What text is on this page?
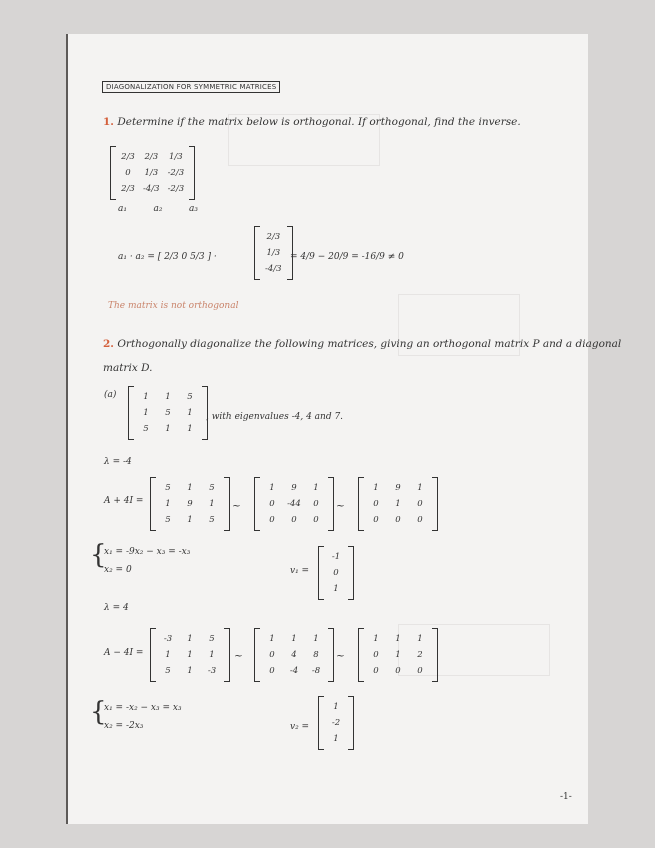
DIAGONALIZATION FOR SYMMETRIC MATRICES
1. Determine if the matrix below is orthogonal. If orthogonal, find the inverse.
2/3	2/3	1/3
0	1/3	-2/3
2/3	-4/3	-2/3
a₁	a₂	a₃
a₁ · a₂ = [ 2/3 0 5/3 ] ·
2/3
1/3
-4/3
= 4/9 − 20/9 = -16/9 ≠ 0
The matrix is not orthogonal
2. Orthogonally diagonalize the following matrices, giving an orthogonal matrix P and a diagonal
matrix D.
(a)	1	1	5
1	5	1
5	1	1
, with eigenvalues -4, 4 and 7.
λ = -4
A + 4I =
5	1	5
1	9	1
5	1	5
~
1	9	1
0	-44	0
0	0	0
~
1	9	1
0	1	0
0	0	0
{
x₁ = -9x₂ − x₃ = -x₃
x₂ = 0	v₁ =
-1
0
1
λ = 4
A − 4I =
-3	1	5
1	1	1
5	1	-3
~
1	1	1
0	4	8
0	-4	-8
~
1	1	1
0	1	2
0	0	0
{
x₁ = -x₂ − x₃ = x₃
x₂ = -2x₃	v₂ =
1
-2
1
-1-
